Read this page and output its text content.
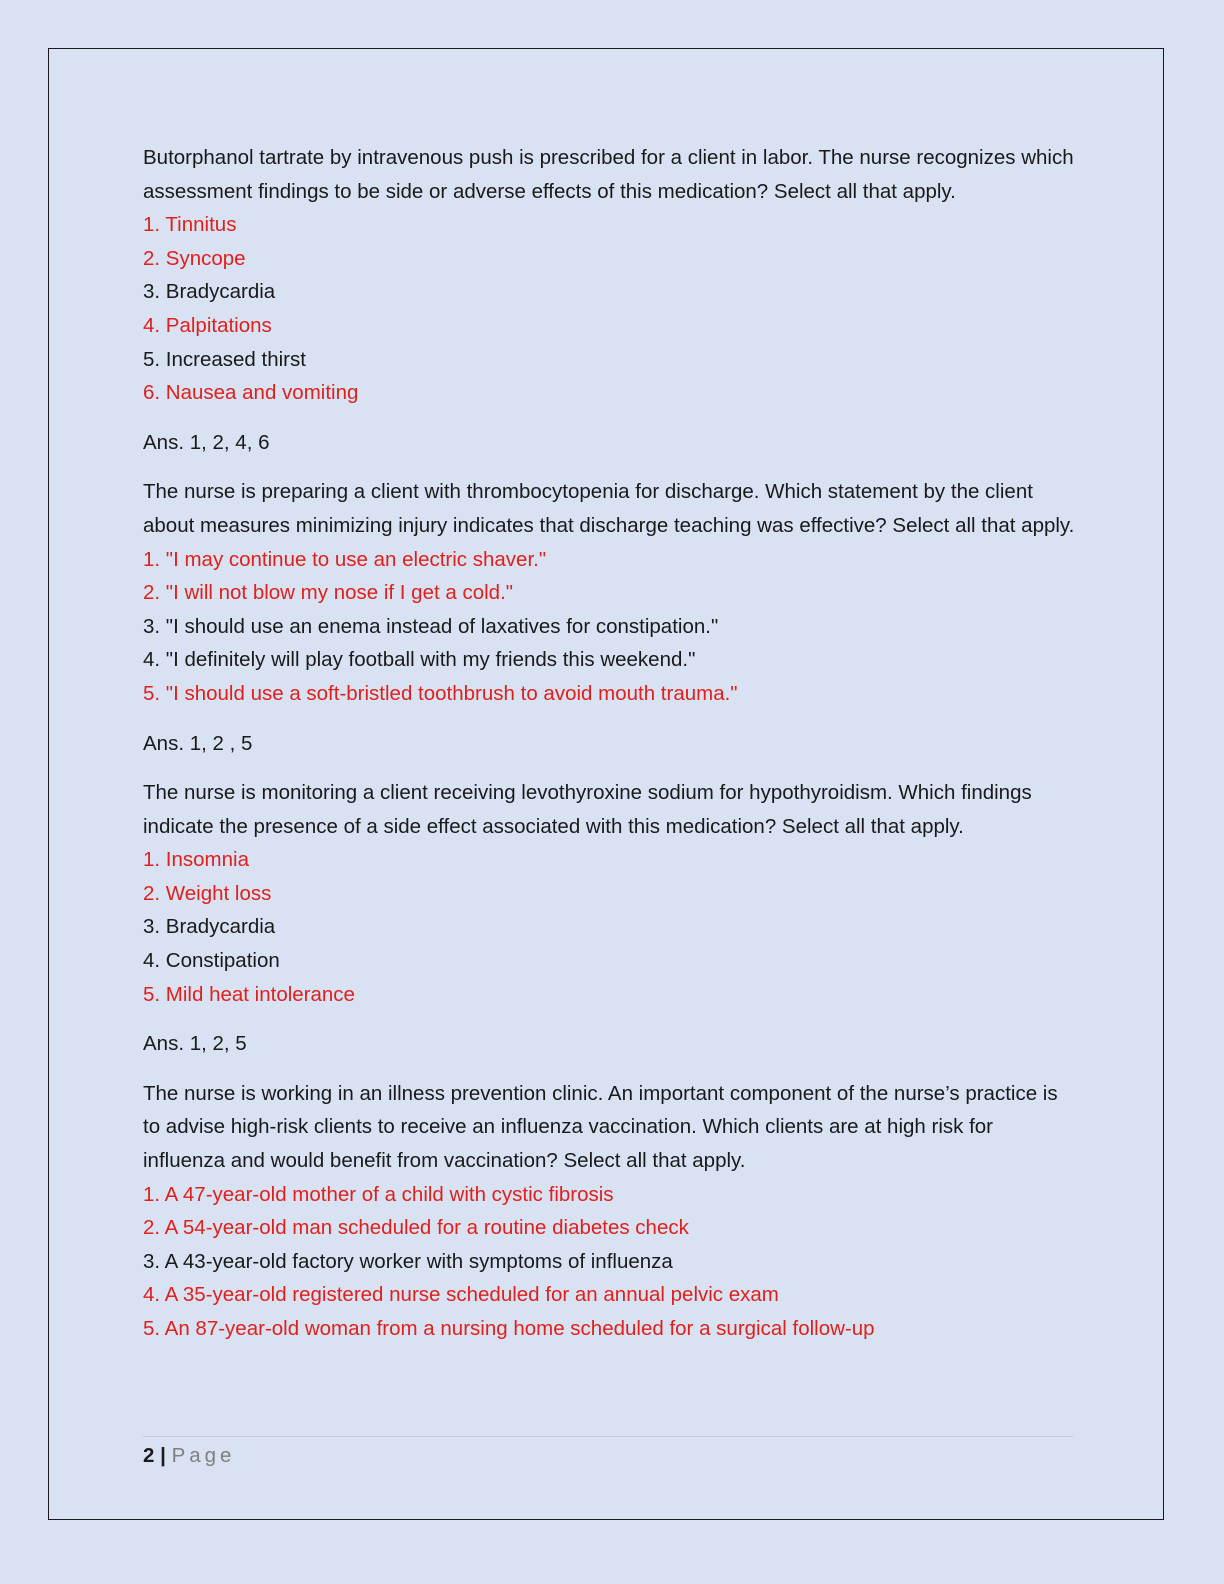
Butorphanol tartrate by intravenous push is prescribed for a client in labor. The nurse recognizes which assessment findings to be side or adverse effects of this medication? Select all that apply.

1. Tinnitus
2. Syncope
3. Bradycardia
4. Palpitations
5. Increased thirst
6. Nausea and vomiting

Ans. 1, 2, 4, 6

The nurse is preparing a client with thrombocytopenia for discharge. Which statement by the client about measures minimizing injury indicates that discharge teaching was effective? Select all that apply.

1. "I may continue to use an electric shaver."
2. "I will not blow my nose if I get a cold."
3. "I should use an enema instead of laxatives for constipation."
4. "I definitely will play football with my friends this weekend."
5. "I should use a soft-bristled toothbrush to avoid mouth trauma."

Ans. 1, 2 , 5

The nurse is monitoring a client receiving levothyroxine sodium for hypothyroidism. Which findings indicate the presence of a side effect associated with this medication? Select all that apply.

1. Insomnia
2. Weight loss
3. Bradycardia
4. Constipation
5. Mild heat intolerance

Ans. 1, 2, 5

The nurse is working in an illness prevention clinic. An important component of the nurse’s practice is to advise high-risk clients to receive an influenza vaccination. Which clients are at high risk for influenza and would benefit from vaccination? Select all that apply.

1. A 47-year-old mother of a child with cystic fibrosis
2. A 54-year-old man scheduled for a routine diabetes check
3. A 43-year-old factory worker with symptoms of influenza
4. A 35-year-old registered nurse scheduled for an annual pelvic exam
5. An 87-year-old woman from a nursing home scheduled for a surgical follow-up
2 | Page
